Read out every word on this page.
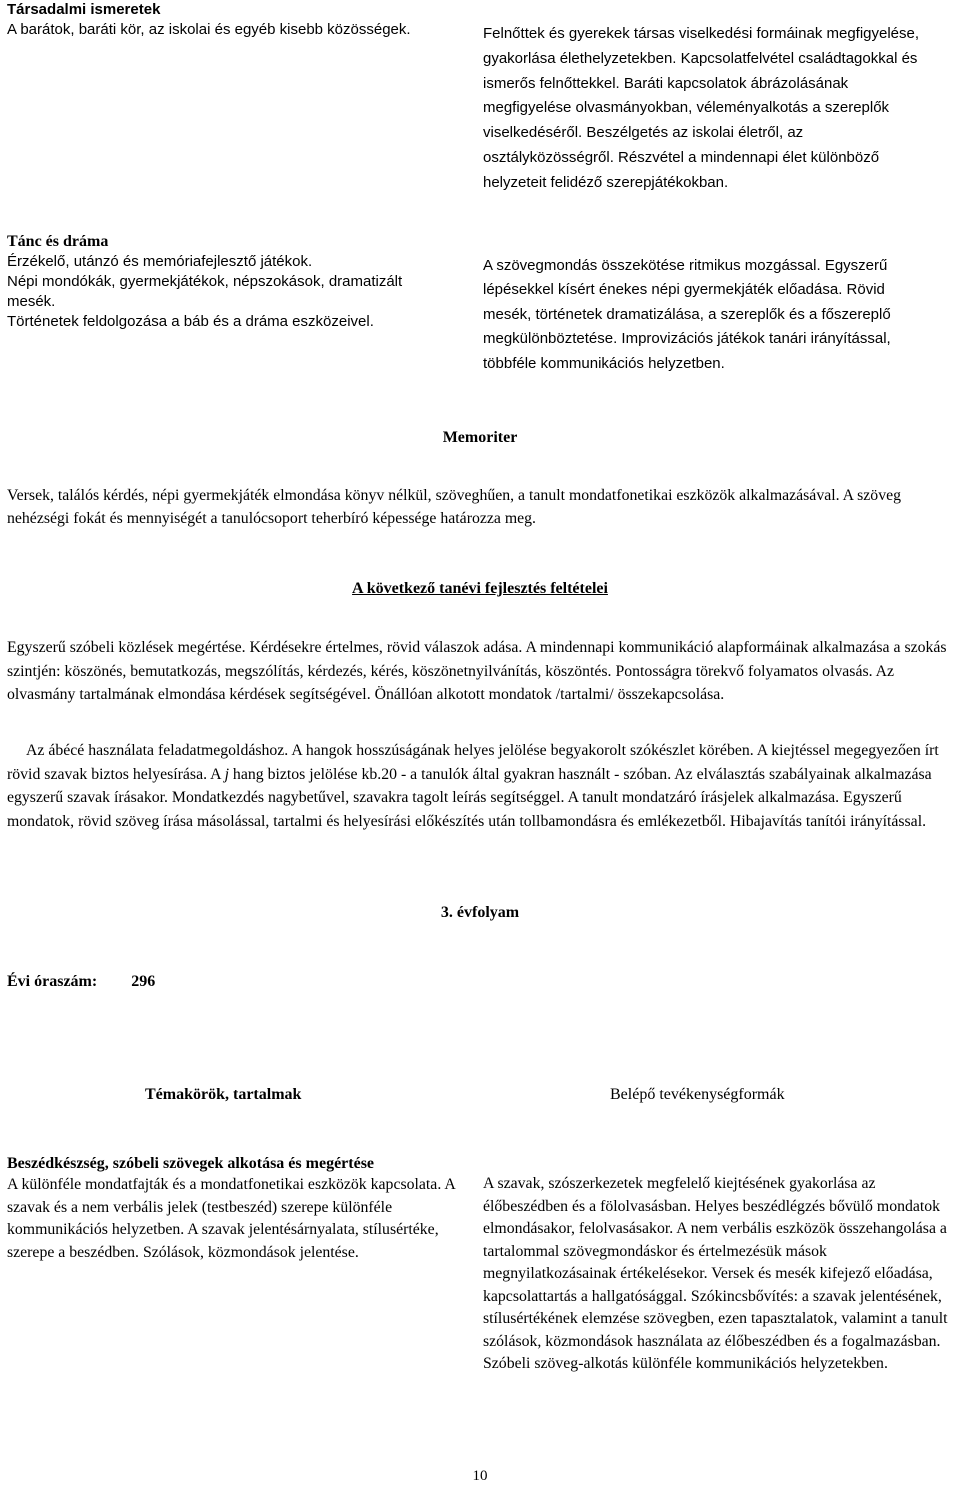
Társadalmi ismeretek

A barátok, baráti kör, az iskolai és egyéb kisebb közösségek.	Felnőttek és gyerekek társas viselkedési formáinak megfigyelése, gyakorlása élethelyzetekben. Kapcsolatfelvétel családtagokkal és ismerős felnőttekkel. Baráti kapcsolatok ábrázolásának megfigyelése olvasmányokban, véleményalkotás a szereplők viselkedéséről. Beszélgetés az iskolai életről, az osztályközösségről. Részvétel a mindennapi élet különböző helyzeteit felidéző szerepjátékokban.

Tánc és dráma

Érzékelő, utánzó és memóriafejlesztő játékok.

Népi mondókák, gyermekjátékok, népszokások, dramatizált mesék.

Történetek feldolgozása a báb és a dráma eszközeivel.

A szövegmondás összekötése ritmikus mozgással. Egyszerű lépésekkel kísért énekes népi gyermekjáték előadása. Rövid mesék, történetek dramatizálása, a szereplők és a főszereplő megkülönböztetése. Improvizációs játékok tanári irányítással, többféle kommunikációs helyzetben.

Memoriter

Versek, találós kérdés, népi gyermekjáték elmondása könyv nélkül, szöveghűen, a tanult mondatfonetikai eszközök alkalmazásával. A szöveg nehézségi fokát és mennyiségét a tanulócsoport teherbíró képessége határozza meg.

A következő tanévi fejlesztés feltételei

Egyszerű szóbeli közlések megértése. Kérdésekre értelmes, rövid válaszok adása. A mindennapi kommunikáció alapformáinak alkalmazása a szokás szintjén: köszönés, bemutatkozás, megszólítás, kérdezés, kérés, köszönetnyilvánítás, köszöntés. Pontosságra törekvő folyamatos olvasás. Az olvasmány tartalmának elmondása kérdések segítségével. Önállóan alkotott mondatok /tartalmi/ összekapcsolása.

Az ábécé használata feladatmegoldáshoz. A hangok hosszúságának helyes jelölése begyakorolt szókészlet körében. A kiejtéssel megegyezően írt rövid szavak biztos helyesírása. A j hang biztos jelölése kb.20 - a tanulók által gyakran használt - szóban. Az elválasztás szabályainak alkalmazása egyszerű szavak írásakor. Mondatkezdés nagybetűvel, szavakra tagolt leírás segítséggel. A tanult mondatzáró írásjelek alkalmazása. Egyszerű mondatok, rövid szöveg írása másolással, tartalmi és helyesírási előkészítés után tollbamondásra és emlékezetből. Hibajavítás tanítói irányítással.

3. évfolyam
Évi óraszám: 296
Témakörök, tartalmak	Belépő tevékenységformák

Beszédkészség, szóbeli szövegek alkotása és megértése

A különféle mondatfajták és a mondatfonetikai eszközök kapcsolata. A szavak és a nem verbális jelek (testbeszéd) szerepe különféle kommunikációs helyzetben. A szavak jelentésárnyalata, stílusértéke, szerepe a beszédben. Szólások, közmondások jelentése.

A szavak, szószerkezetek megfelelő kiejtésének gyakorlása az élőbeszédben és a fölolvasásban. Helyes beszédlégzés bővülő mondatok elmondásakor, felolvasásakor. A nem verbális eszközök összehangolása a tartalommal szövegmondáskor és értelmezésük mások megnyilatkozásainak értékelésekor. Versek és mesék kifejező előadása, kapcsolattartás a hallgatósággal. Szókincsbővítés: a szavak jelentésének, stílusértékének elemzése szövegben, ezen tapasztalatok, valamint a tanult szólások, közmondások használata az élőbeszédben és a fogalmazásban. Szóbeli szöveg-alkotás különféle kommunikációs helyzetekben.

10
